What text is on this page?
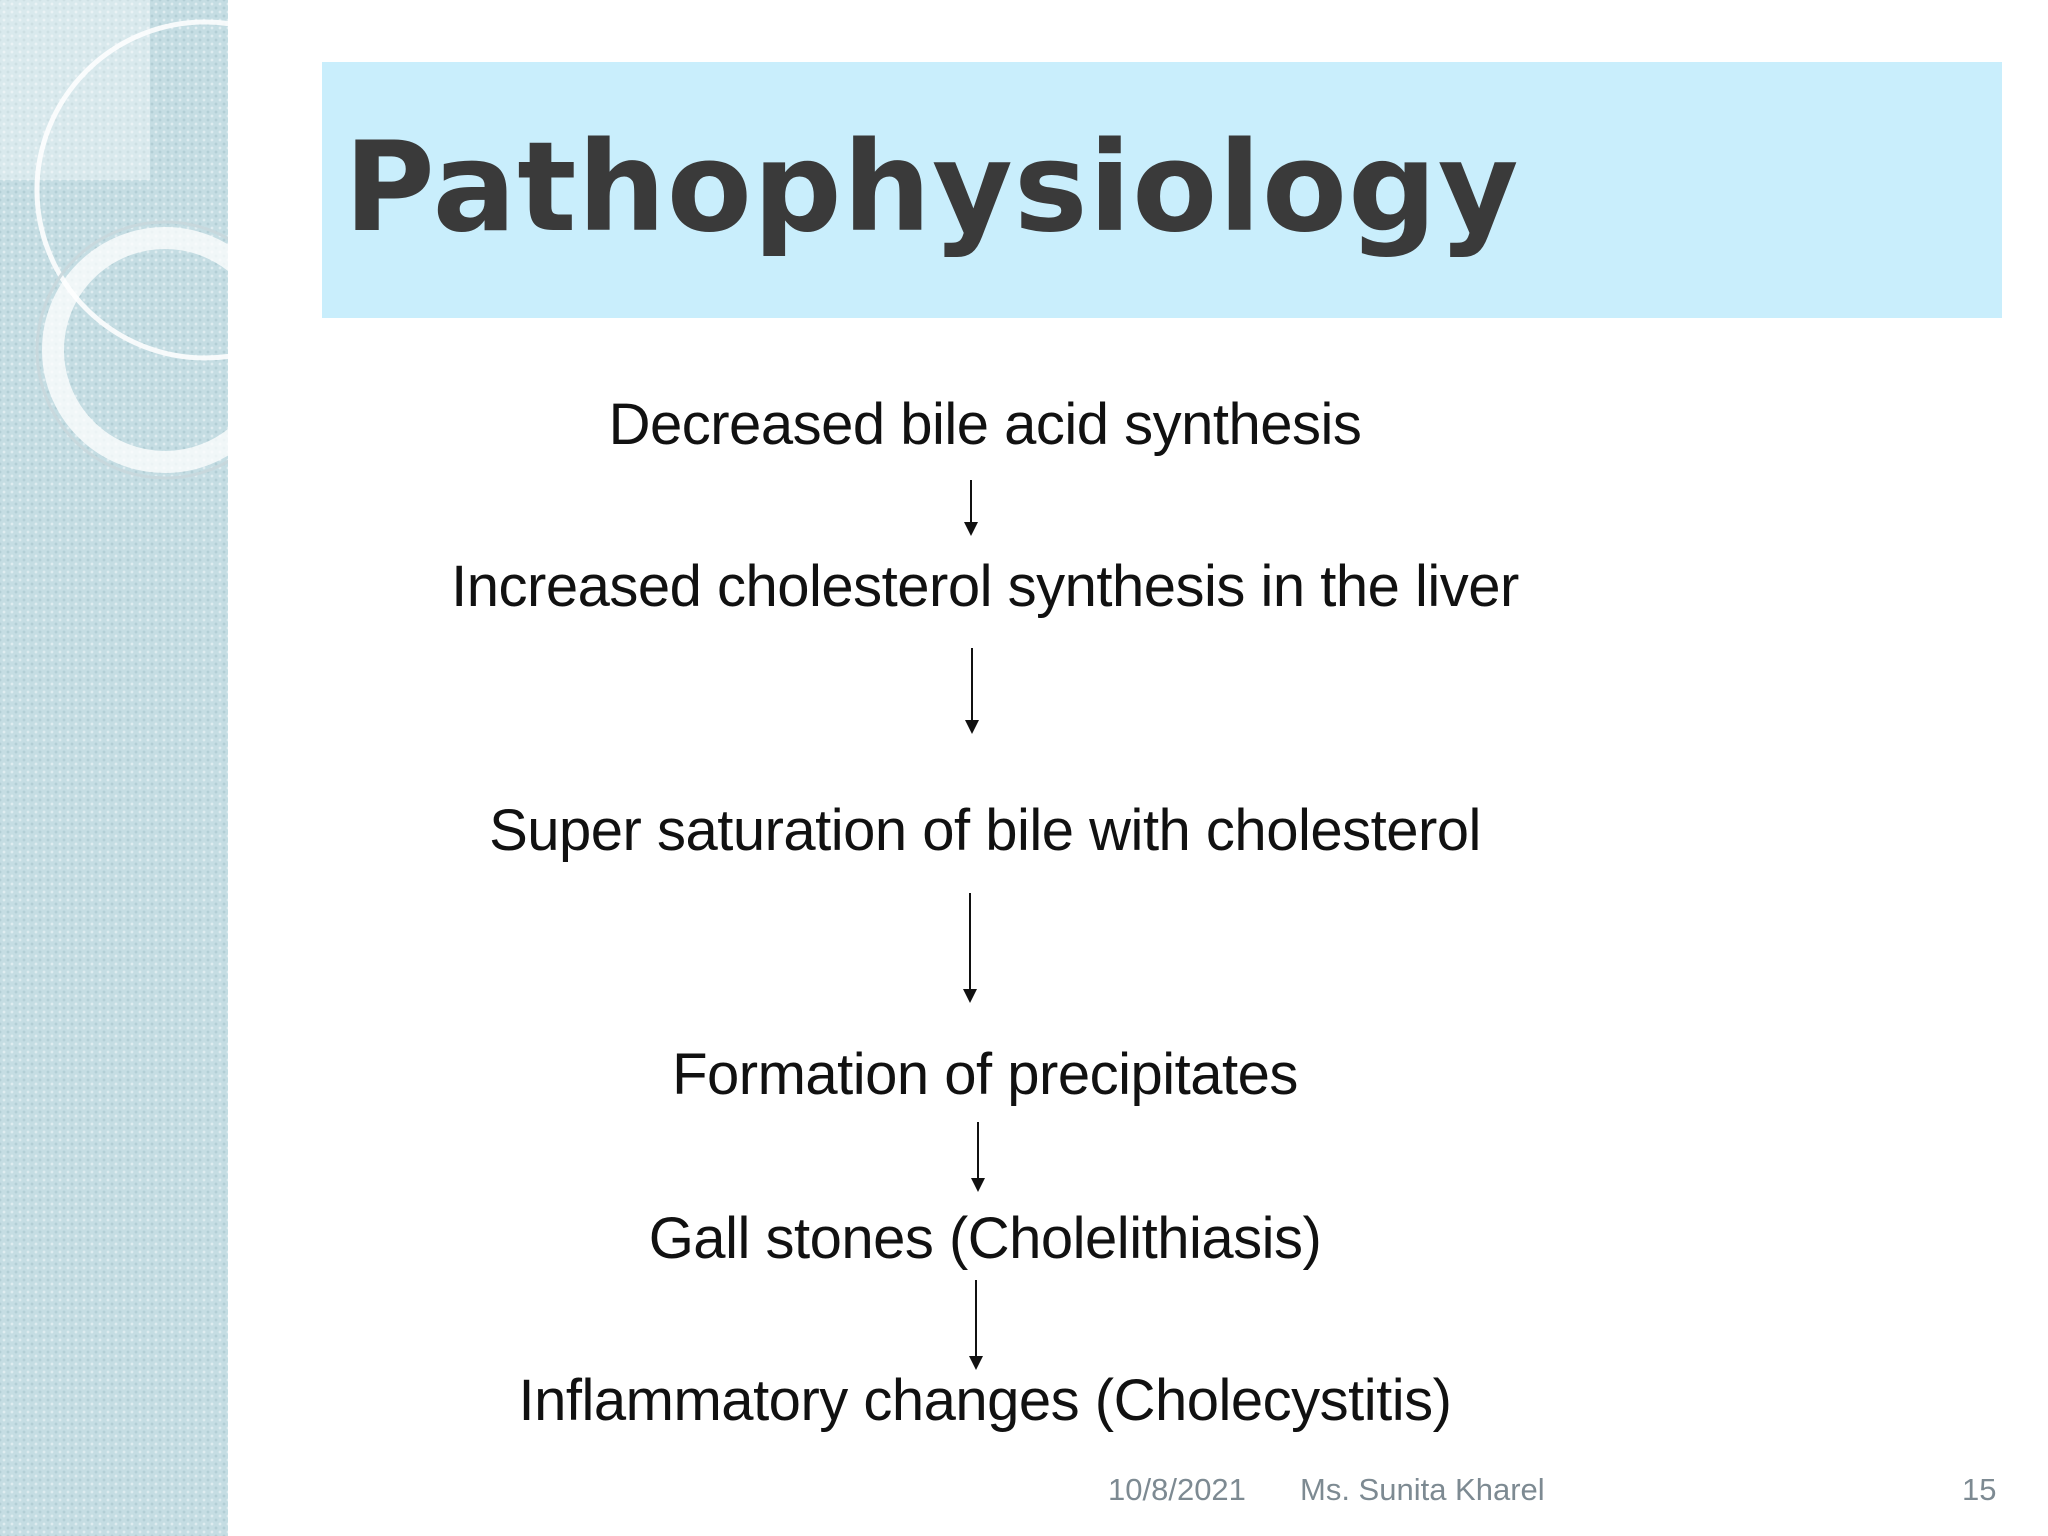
Pathophysiology
Decreased bile acid synthesis
Increased cholesterol synthesis in the liver
Super saturation of bile with cholesterol
Formation of precipitates
Gall stones (Cholelithiasis)
Inflammatory changes (Cholecystitis)
10/8/2021 Ms. Sunita Kharel	15
